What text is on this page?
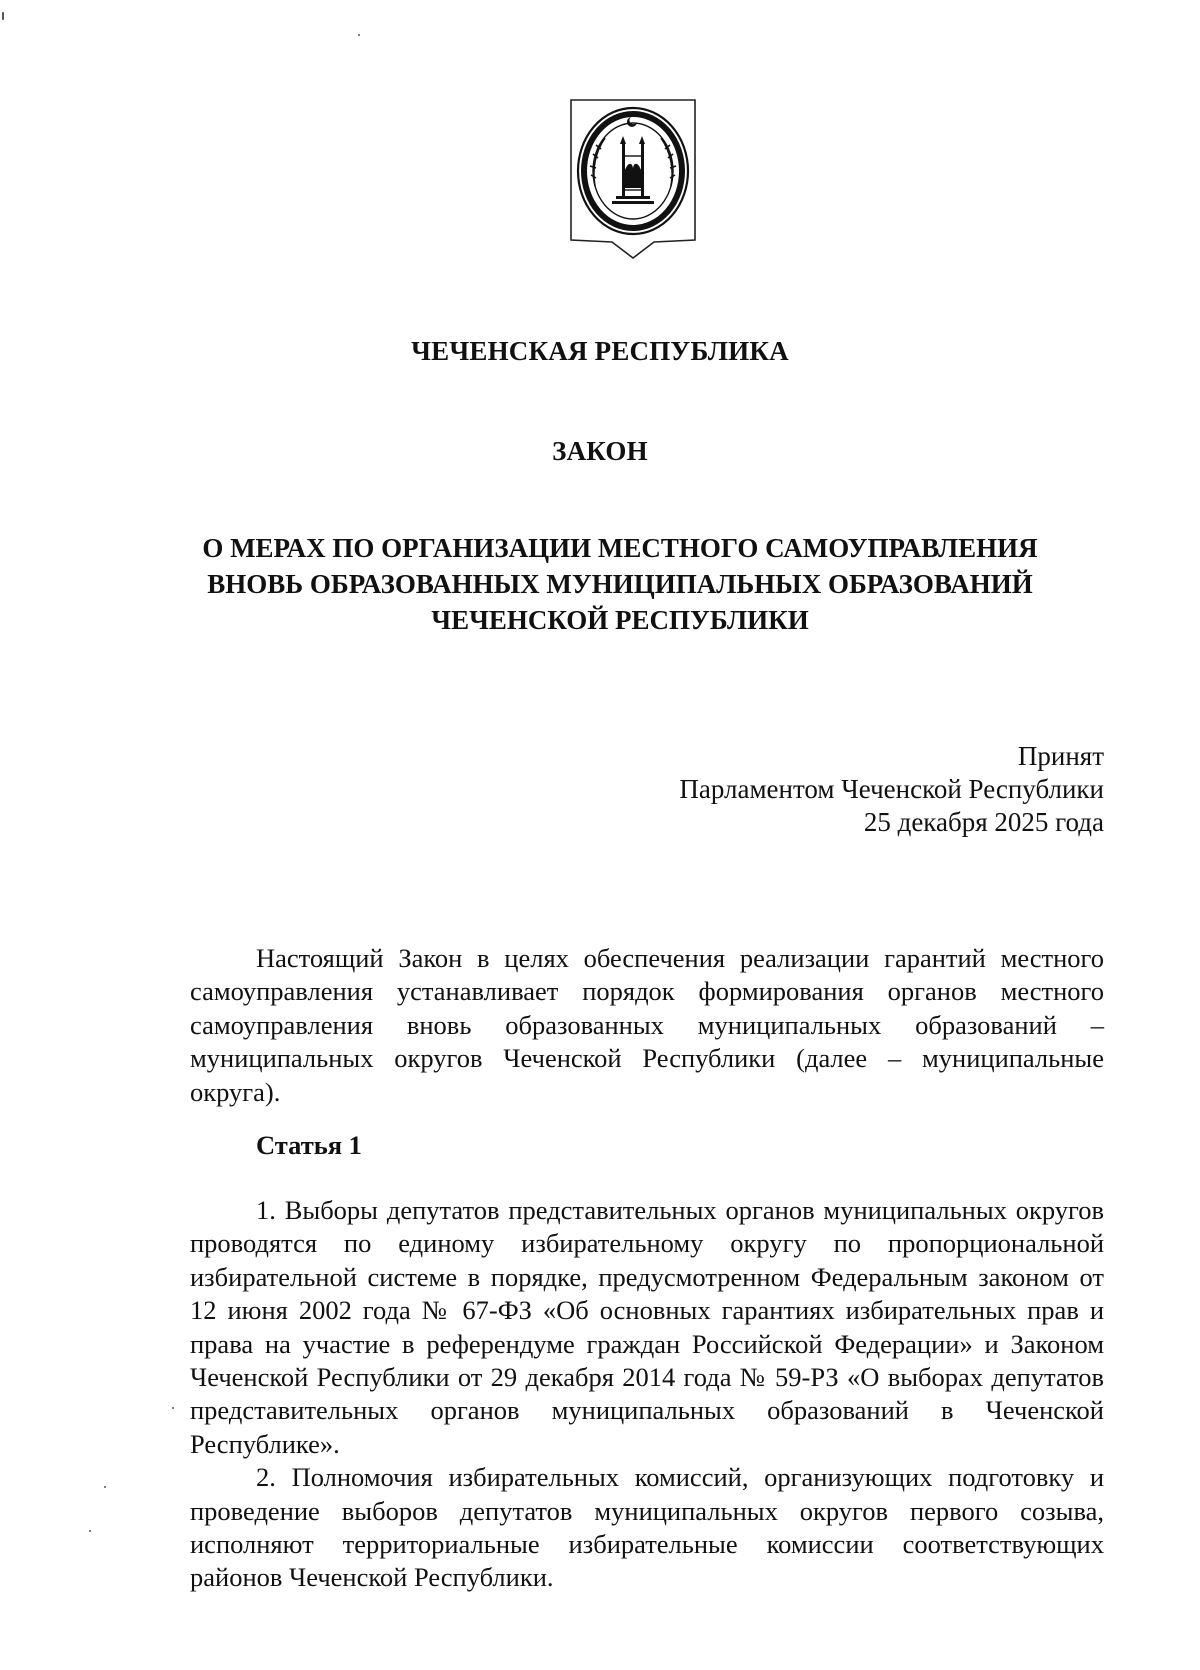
ЧЕЧЕНСКАЯ РЕСПУБЛИКА
ЗАКОН
О МЕРАХ ПО ОРГАНИЗАЦИИ МЕСТНОГО САМОУПРАВЛЕНИЯ
ВНОВЬ ОБРАЗОВАННЫХ МУНИЦИПАЛЬНЫХ ОБРАЗОВАНИЙ
ЧЕЧЕНСКОЙ РЕСПУБЛИКИ
Принят
Парламентом Чеченской Республики
25 декабря 2025 года

Настоящий Закон в целях обеспечения реализации гарантий местного самоуправления устанавливает порядок формирования органов местного самоуправления вновь образованных муниципальных образований – муниципальных округов Чеченской Республики (далее – муниципальные округа).

Статья 1

1. Выборы депутатов представительных органов муниципальных округов проводятся по единому избирательному округу по пропорциональной избирательной системе в порядке, предусмотренном Федеральным законом от 12 июня 2002 года № 67-ФЗ «Об основных гарантиях избирательных прав и права на участие в референдуме граждан Российской Федерации» и Законом Чеченской Республики от 29 декабря 2014 года № 59-РЗ «О выборах депутатов представительных органов муниципальных образований в Чеченской Республике».

2. Полномочия избирательных комиссий, организующих подготовку и проведение выборов депутатов муниципальных округов первого созыва, исполняют территориальные избирательные комиссии соответствующих районов Чеченской Республики.
